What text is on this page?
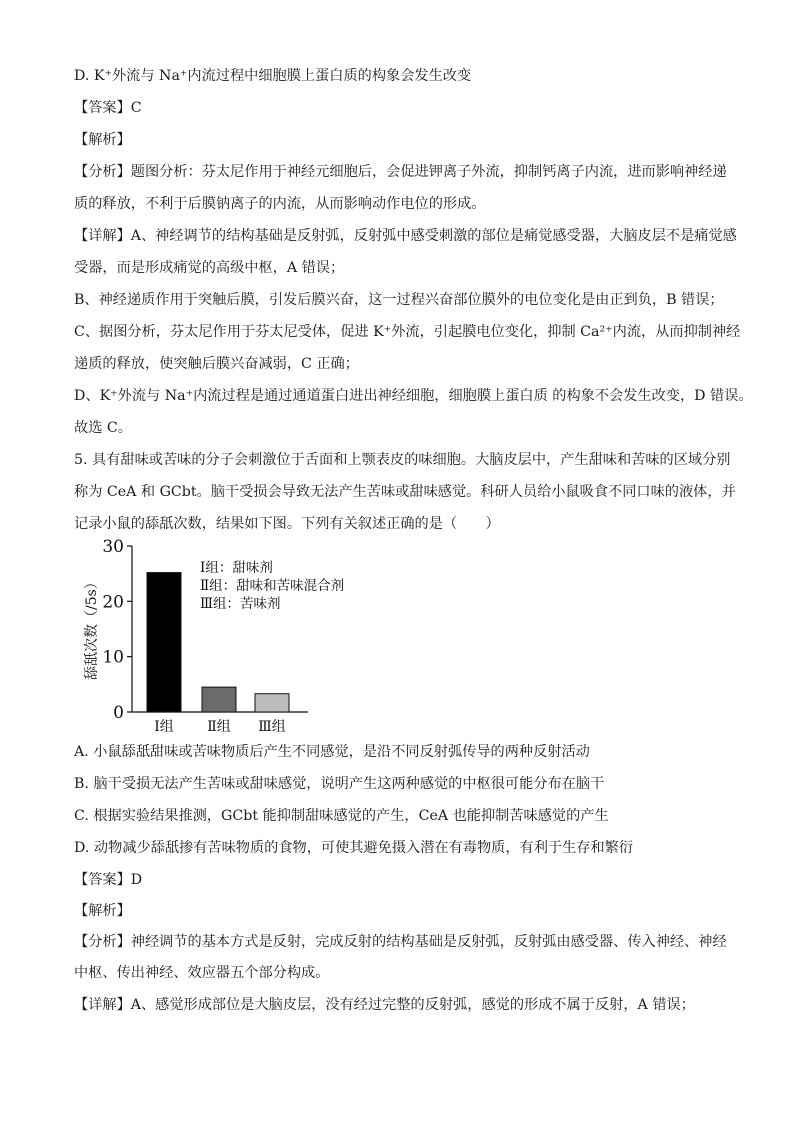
D. K⁺外流与 Na⁺内流过程中细胞膜上蛋白质的构象会发生改变

【答案】C

【解析】

【分析】题图分析：芬太尼作用于神经元细胞后，会促进钾离子外流，抑制钙离子内流，进而影响神经递

质的释放，不利于后膜钠离子的内流，从而影响动作电位的形成。

【详解】A、神经调节的结构基础是反射弧，反射弧中感受刺激的部位是痛觉感受器，大脑皮层不是痛觉感

受器，而是形成痛觉的高级中枢，A 错误；

B、神经递质作用于突触后膜，引发后膜兴奋，这一过程兴奋部位膜外的电位变化是由正到负，B 错误；

C、据图分析，芬太尼作用于芬太尼受体，促进 K⁺外流，引起膜电位变化，抑制 Ca²⁺内流，从而抑制神经

递质的释放，使突触后膜兴奋减弱，C 正确；

D、K⁺外流与 Na⁺内流过程是通过通道蛋白进出神经细胞，细胞膜上蛋白质 的构象不会发生改变，D 错误。

故选 C。

5. 具有甜味或苦味的分子会刺激位于舌面和上颚表皮的味细胞。大脑皮层中，产生甜味和苦味的区域分别

称为 CeA 和 GCbt。脑干受损会导致无法产生苦味或甜味感觉。科研人员给小鼠吸食不同口味的液体，并

记录小鼠的舔舐次数，结果如下图。下列有关叙述正确的是（　　）

舔舐次数（/5s）
0
10
20
30
Ⅰ组 Ⅱ组 Ⅲ组
Ⅰ组：甜味剂
Ⅱ组：甜味和苦味混合剂
Ⅲ组：苦味剂

A. 小鼠舔舐甜味或苦味物质后产生不同感觉，是沿不同反射弧传导的两种反射活动

B. 脑干受损无法产生苦味或甜味感觉，说明产生这两种感觉的中枢很可能分布在脑干

C. 根据实验结果推测，GCbt 能抑制甜味感觉的产生，CeA 也能抑制苦味感觉的产生

D. 动物减少舔舐掺有苦味物质的食物，可使其避免摄入潜在有毒物质，有利于生存和繁衍

【答案】D

【解析】

【分析】神经调节的基本方式是反射，完成反射的结构基础是反射弧，反射弧由感受器、传入神经、神经

中枢、传出神经、效应器五个部分构成。

【详解】A、感觉形成部位是大脑皮层，没有经过完整的反射弧，感觉的形成不属于反射，A 错误；
